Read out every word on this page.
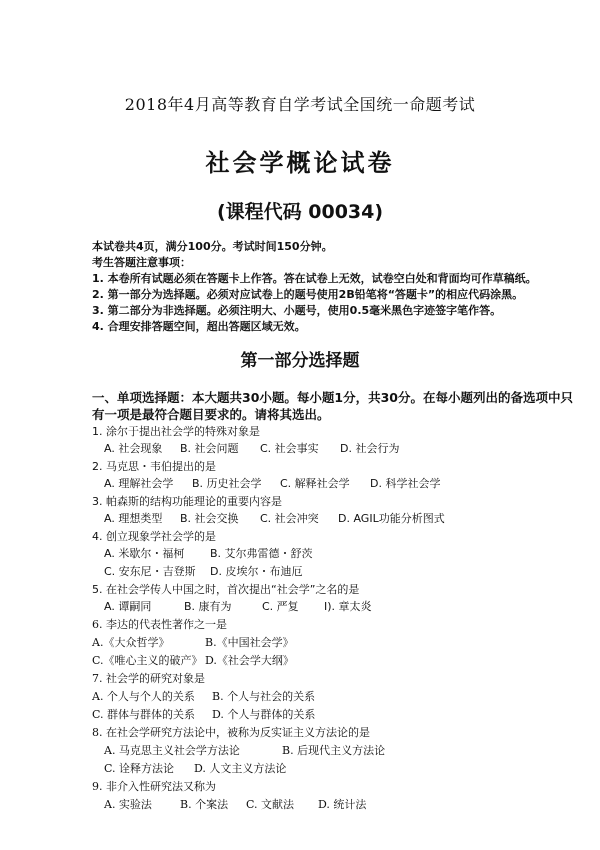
2018年4月高等教育自学考试全国统一命题考试
社会学概论试卷
(课程代码 00034)
本试卷共4页，满分100分。考试时间150分钟。
考生答题注意事项：
1. 本卷所有试题必须在答题卡上作答。答在试卷上无效，试卷空白处和背面均可作草稿纸。
2. 第一部分为选择题。必须对应试卷上的题号使用2B铅笔将“答题卡”的相应代码涂黑。
3. 第二部分为非选择题。必须注明大、小题号，使用0.5毫米黑色字迹签字笔作答。
4. 合理安排答题空间，超出答题区域无效。
第一部分选择题
一、单项选择题：本大题共30小题。每小题1分，共30分。在每小题列出的备选项中只
有一项是最符合题目要求的。请将其选出。
1. 涂尔于提出社会学的特殊对象是
A. 社会现象 B. 社会问题 C. 社会事实 D. 社会行为
2. 马克思・韦伯提出的是
A. 理解社会学 B. 历史社会学 C. 解释社会学 D. 科学社会学
3. 帕森斯的结构功能理论的重要内容是
A. 理想类型 B. 社会交换 C. 社会冲突 D. AGIL功能分析图式
4. 创立现象学社会学的是
A. 米歇尔・福柯 B. 艾尔弗雷德・舒茨
C. 安东尼・吉登斯 D. 皮埃尔・布迪厄
5. 在社会学传人中国之时，首次提出“社会学”之名的是
A. 谭嗣同	B. 康有为	C. 严复 I). 章太炎
6. 李达的代表性著作之一是
A.《大众哲学》	B.《中国社会学》
C.《唯心主义的破产》 D.《社会学大纲》
7. 社会学的研究对象是
A. 个人与个人的关系 B. 个人与社会的关系
C. 群体与群体的关系 D. 个人与群体的关系
8. 在社会学研究方法论中，被称为反实证主义方法论的是
A. 马克思主义社会学方法论	B. 后现代主义方法论
C. 诠释方法论 D. 人文主义方法论
9. 非介入性研究法又称为
A. 实验法	B. 个案法 C. 文献法 D. 统计法
